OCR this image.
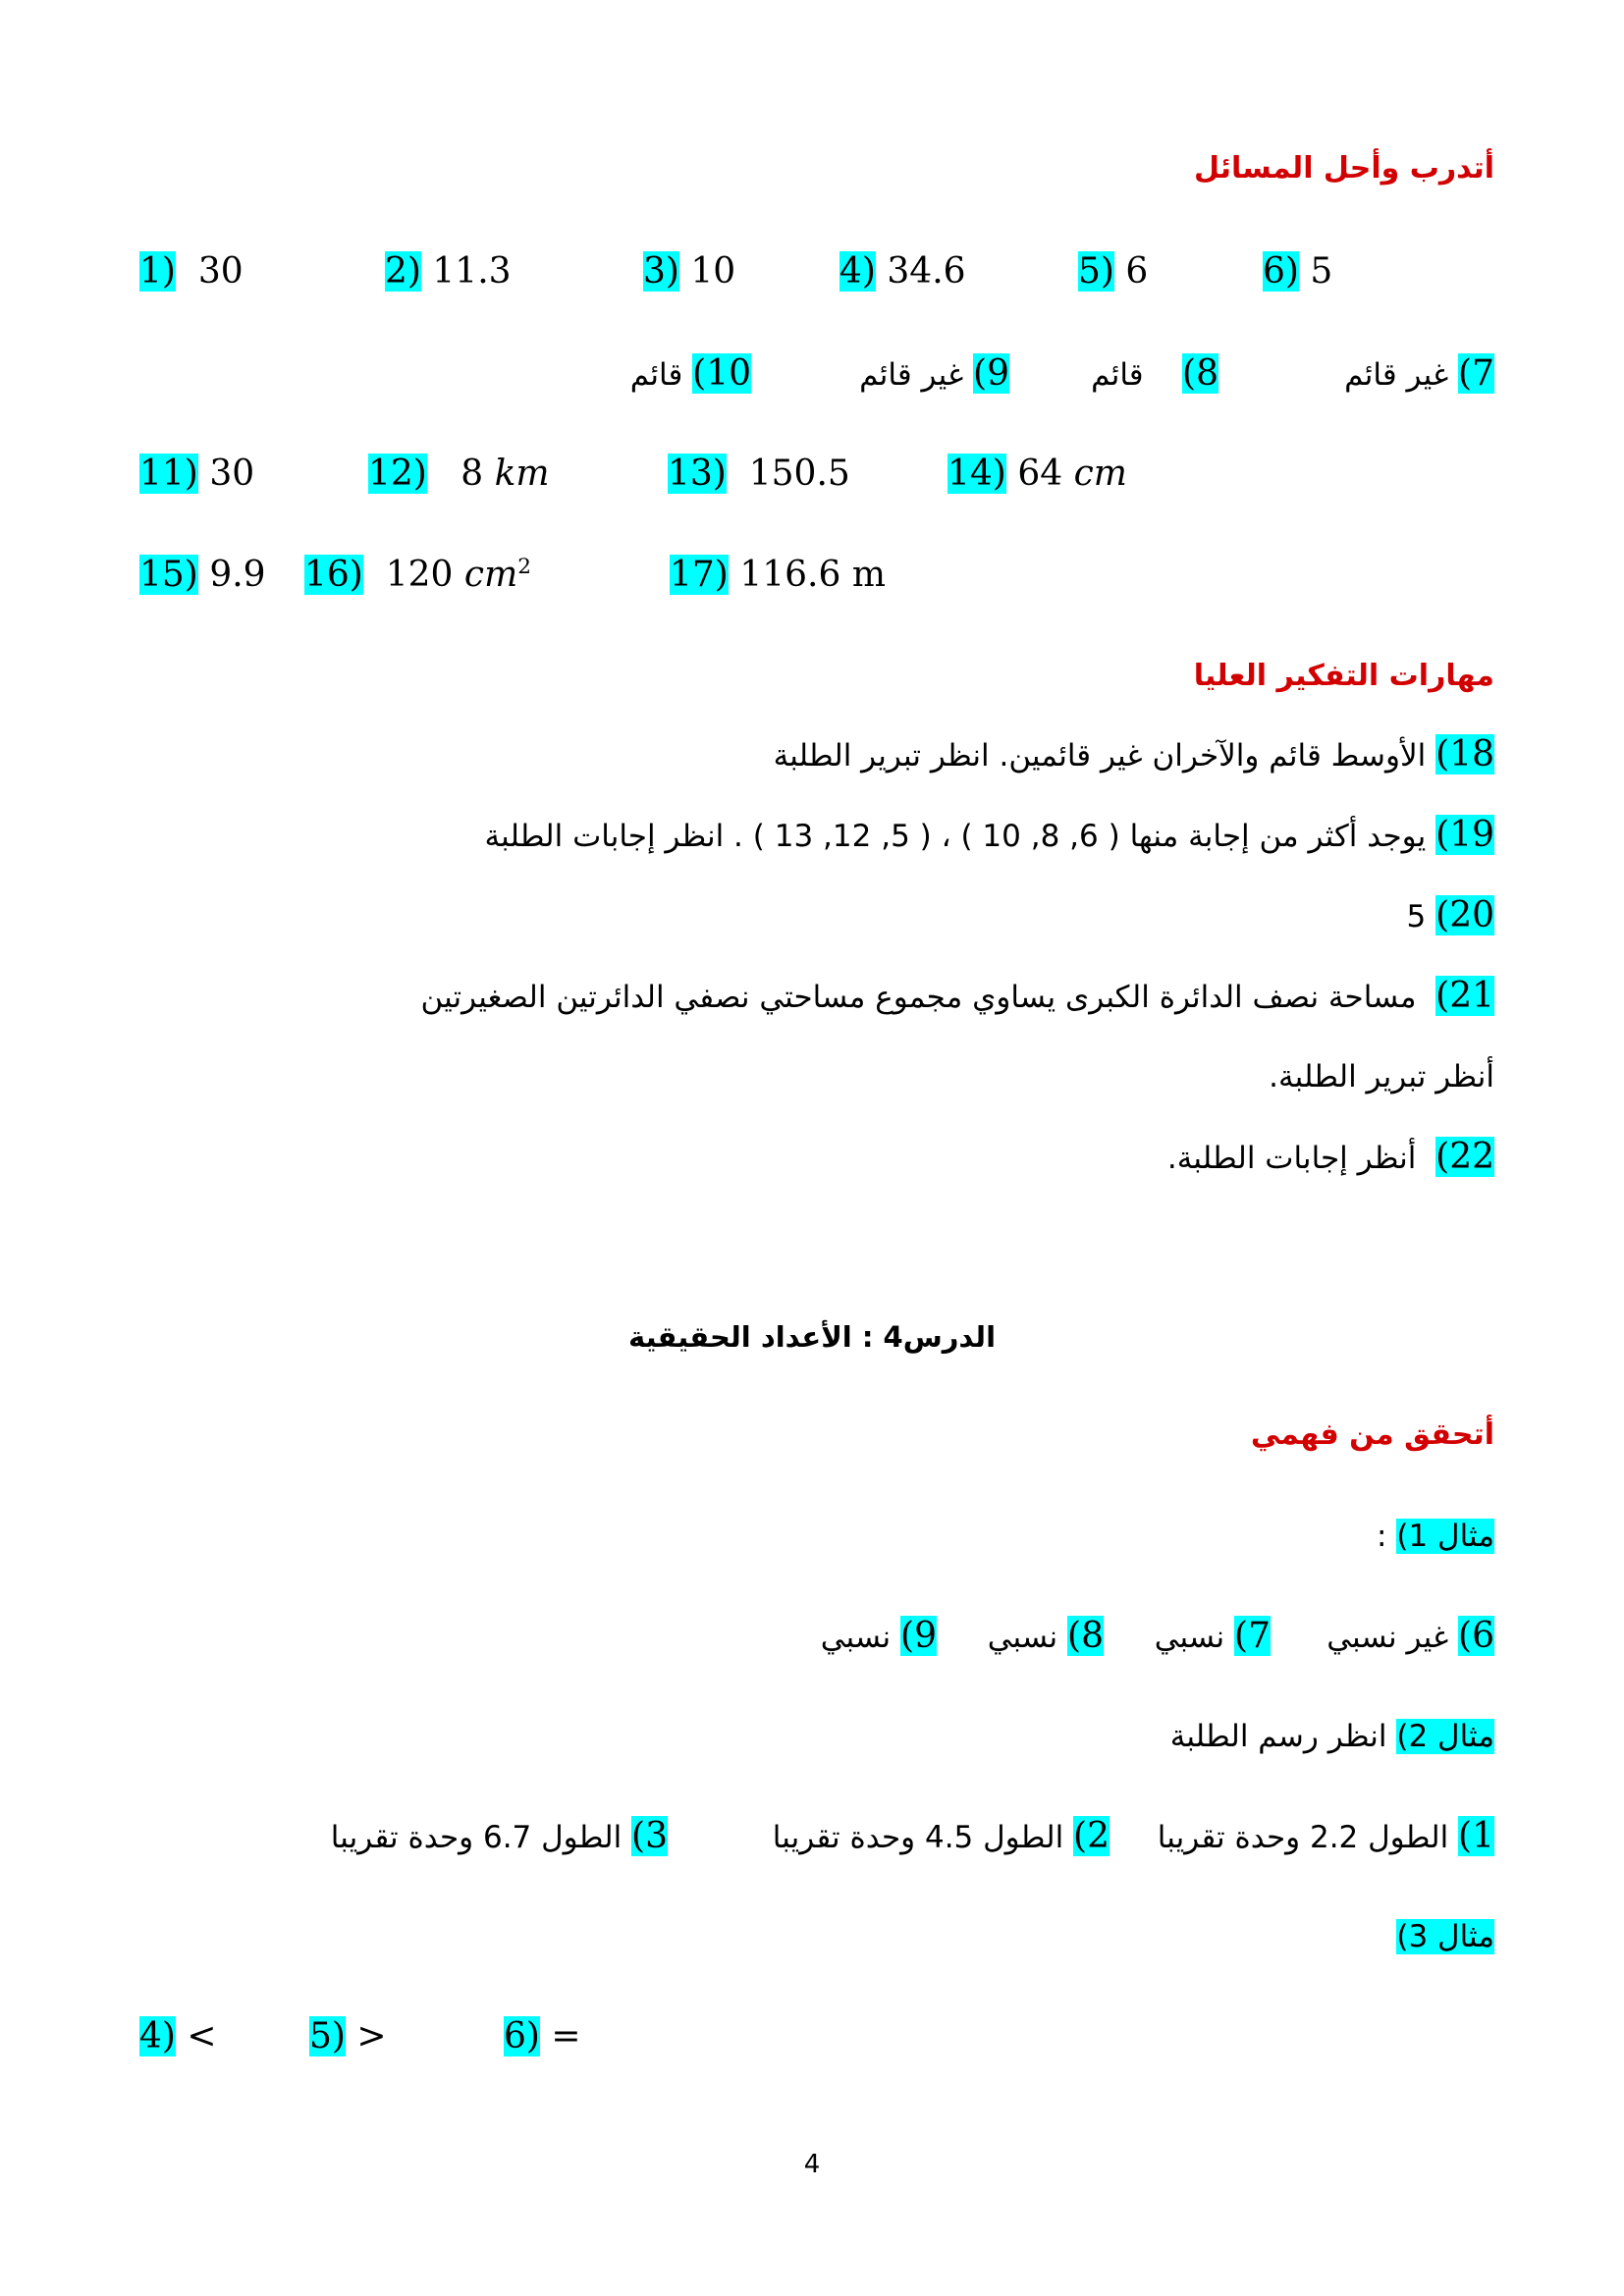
أتدرب وأحل المسائل
1) 30	2) 11.3	3) 10	4) 34.6	5) 6	6) 5
7) غير قائم
8)    قائم
9) غير قائم
10) قائم
11) 30	12) 8 km	13) 150.5	14) 64 cm
15) 9.9 16) 120 $cm^2$	17) 116.6 m
مهارات التفكير العليا
18) الأوسط قائم والآخران غير قائمين. انظر تبرير الطلبة
19) يوجد أكثر من إجابة منها ( 6, 8, 10 ) ، ( 5, 12, 13 ) . انظر إجابات الطلبة
20) 5
21)  مساحة نصف الدائرة الكبرى يساوي مجموع مساحتي نصفي الدائرتين الصغيرتين
أنظر تبرير الطلبة.
22)  أنظر إجابات الطلبة.
الدرس4 : الأعداد الحقيقية
أتحقق من فهمي
مثال 1) :
6) غير نسبي
7) نسبي
8) نسبي
9) نسبي
مثال 2) انظر رسم الطلبة
1) الطول 2.2 وحدة تقريبا
2) الطول 4.5 وحدة تقريبا
3) الطول 6.7 وحدة تقريبا
مثال 3)
4) <	5) >	6) =
4
